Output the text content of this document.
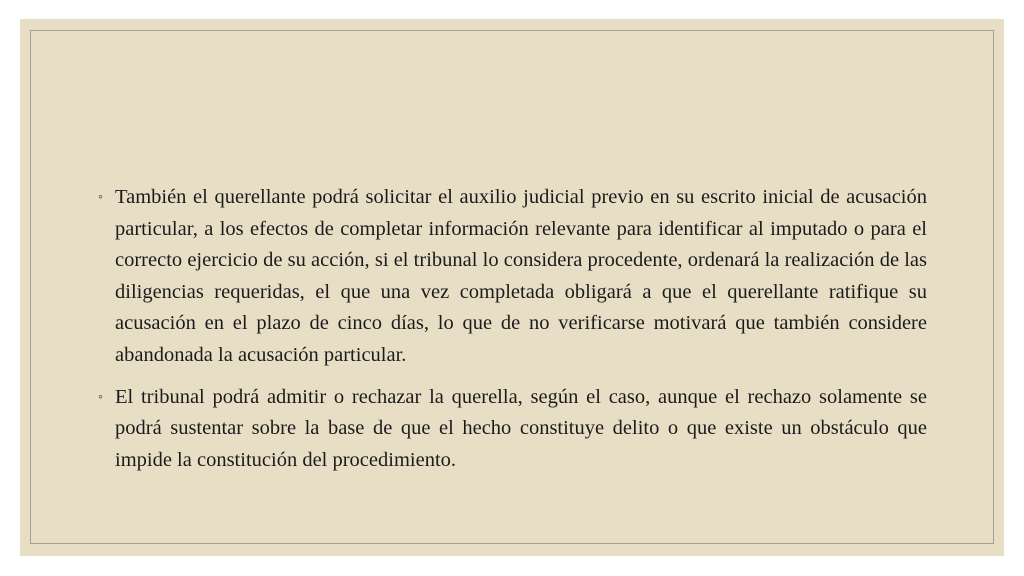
◦ También el querellante podrá solicitar el auxilio judicial previo en su escrito inicial de acusación particular, a los efectos de completar información relevante para identificar al imputado o para el correcto ejercicio de su acción, si el tribunal lo considera procedente, ordenará la realización de las diligencias requeridas, el que una vez completada obligará a que el querellante ratifique su acusación en el plazo de cinco días, lo que de no verificarse motivará que también considere abandonada la acusación particular.

◦ El tribunal podrá admitir o rechazar la querella, según el caso, aunque el rechazo solamente se podrá sustentar sobre la base de que el hecho constituye delito o que existe un obstáculo que impide la constitución del procedimiento.
